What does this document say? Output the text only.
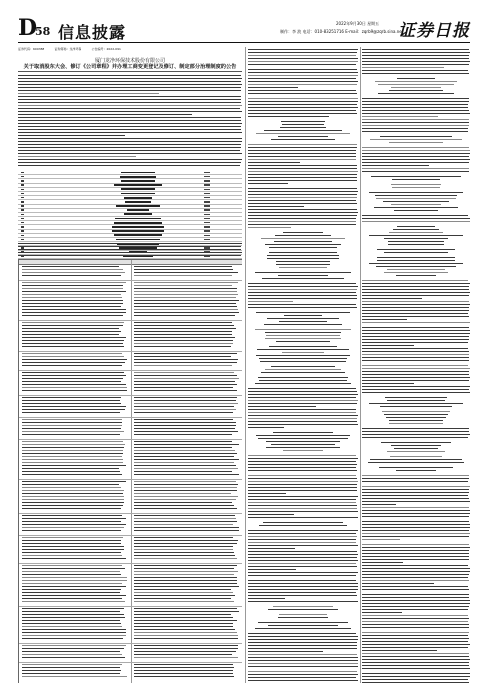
D
58 信息披露	2022年9月30日 星期五
制作：李 波 电话：010-83251716 E-mail：zqrb9@zqrb.sina.net
证券日报
证券代码：600388	证券简称：龙净环保	公告编号：2022-091
厦门龙净环保技术股份有限公司
关于取消股东大会、修订《公司章程》并办理工商变更登记及修订、制定部分治理制度的公告
